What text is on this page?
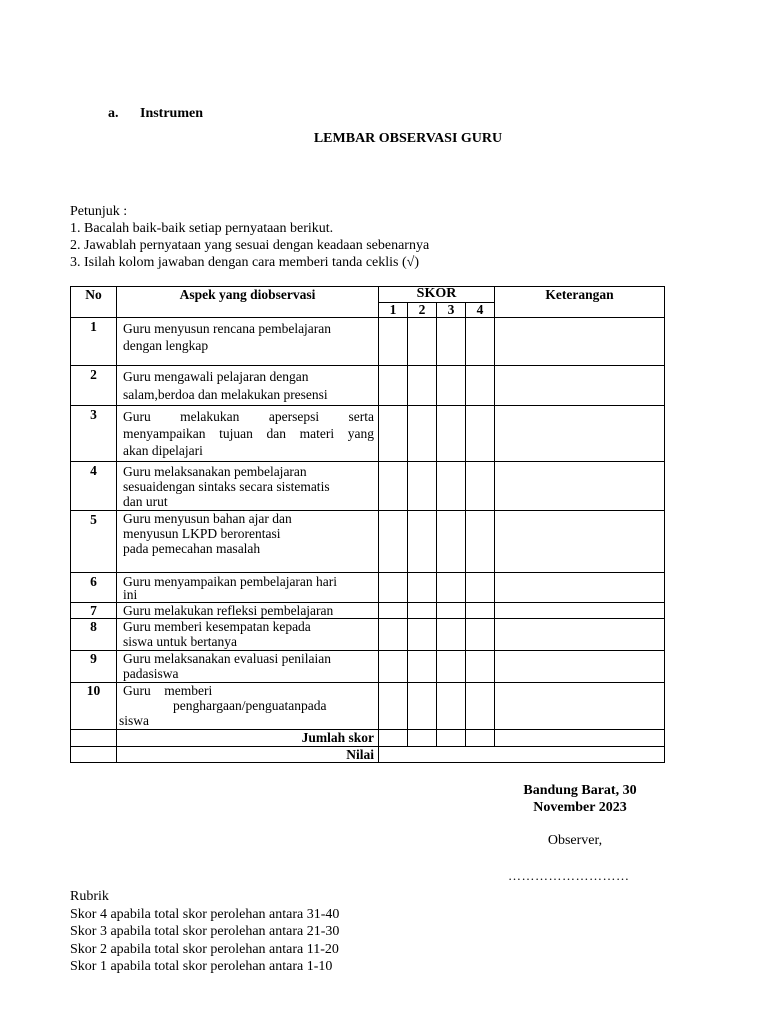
a. Instrumen
LEMBAR OBSERVASI GURU
Petunjuk :
1. Bacalah baik-baik setiap pernyataan berikut.
2. Jawablah pernyataan yang sesuai dengan keadaan sebenarnya
3. Isilah kolom jawaban dengan cara memberi tanda ceklis (√)
No	Aspek yang diobservasi	SKOR				Keterangan
		1	2	3	4	
1	Guru menyusun rencana pembelajaran
dengan lengkap					

2	Guru mengawali pelajaran dengan
salam,berdoa dan melakukan presensi					

3	Guru melakukan apersepsi serta
menyampaikan tujuan dan materi yang
akan dipelajari					

4	Guru melaksanakan pembelajaran
sesuaidengan sintaks secara sistematis
dan urut					

5	Guru menyusun bahan ajar dan
menyusun LKPD berorentasi
pada pemecahan masalah					

6	Guru menyampaikan pembelajaran hari
ini					

7	Guru melakukan refleksi pembelajaran					

8	Guru memberi kesempatan kepada
siswa untuk bertanya					

9	Guru melaksanakan evaluasi penilaian
padasiswa					

10	Guru    memberi
penghargaan/penguatanpada
siswa					

	Jumlah skor					
	Nilai					
Bandung Barat, 30
November 2023
Observer,
………………………
Rubrik
Skor 4 apabila total skor perolehan antara 31-40
Skor 3 apabila total skor perolehan antara 21-30
Skor 2 apabila total skor perolehan antara 11-20
Skor 1 apabila total skor perolehan antara 1-10
